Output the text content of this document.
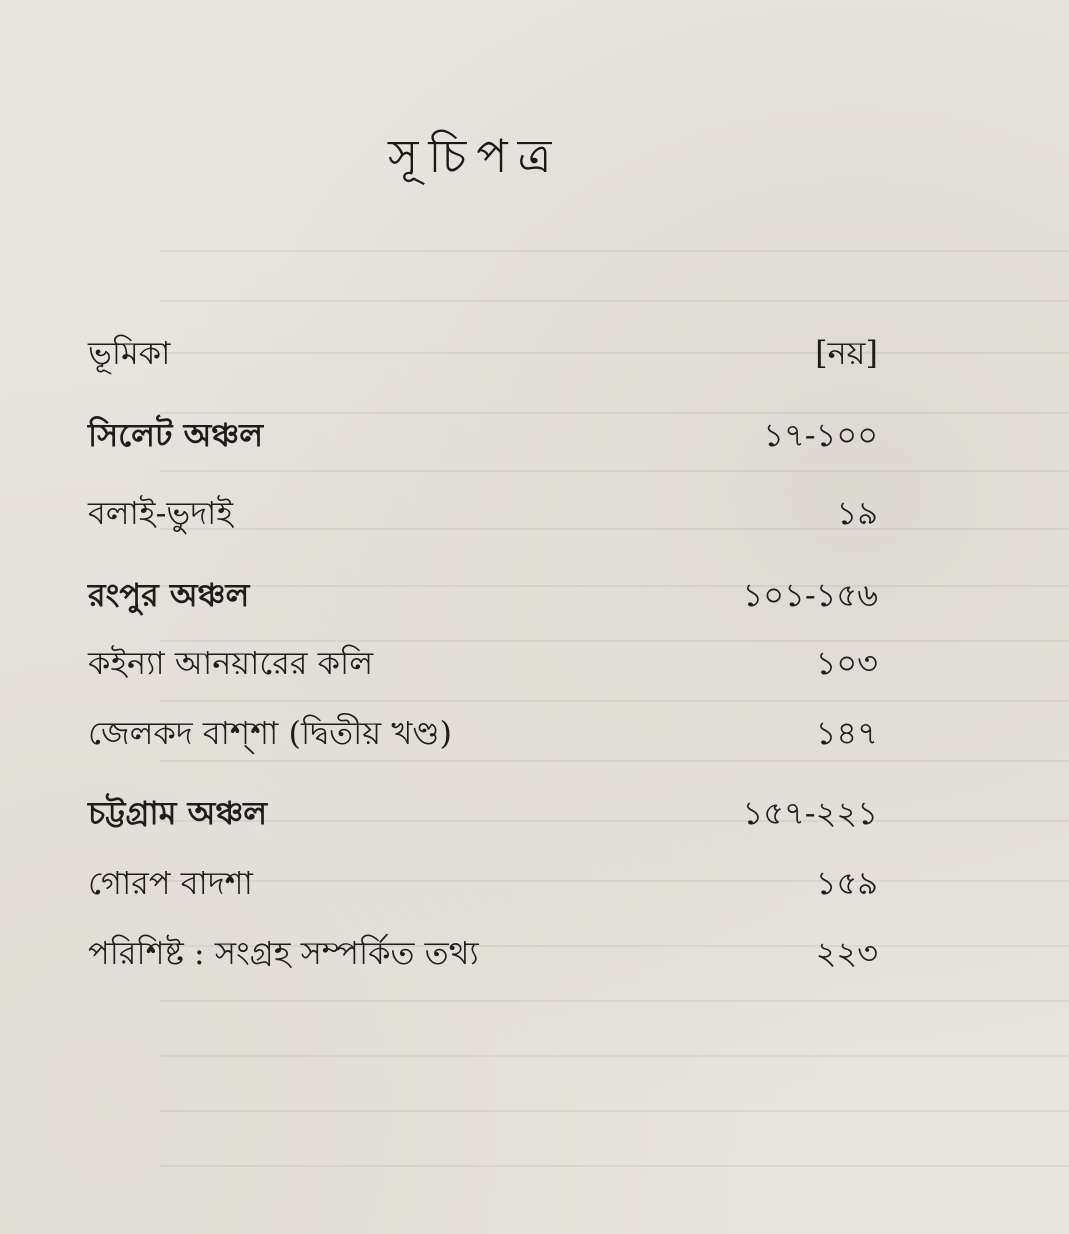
সূচিপত্র
ভূমিকা	[নয়]
সিলেট অঞ্চল	১৭-১০০
বলাই-ভুদাই	১৯
রংপুর অঞ্চল	১০১-১৫৬
কইন্যা আনয়ারের কলি	১০৩
জেলকদ বাশ্‌শা (দ্বিতীয় খণ্ড)	১৪৭
চট্টগ্রাম অঞ্চল	১৫৭-২২১
গোরপ বাদশা	১৫৯
পরিশিষ্ট : সংগ্রহ সম্পর্কিত তথ্য	২২৩
